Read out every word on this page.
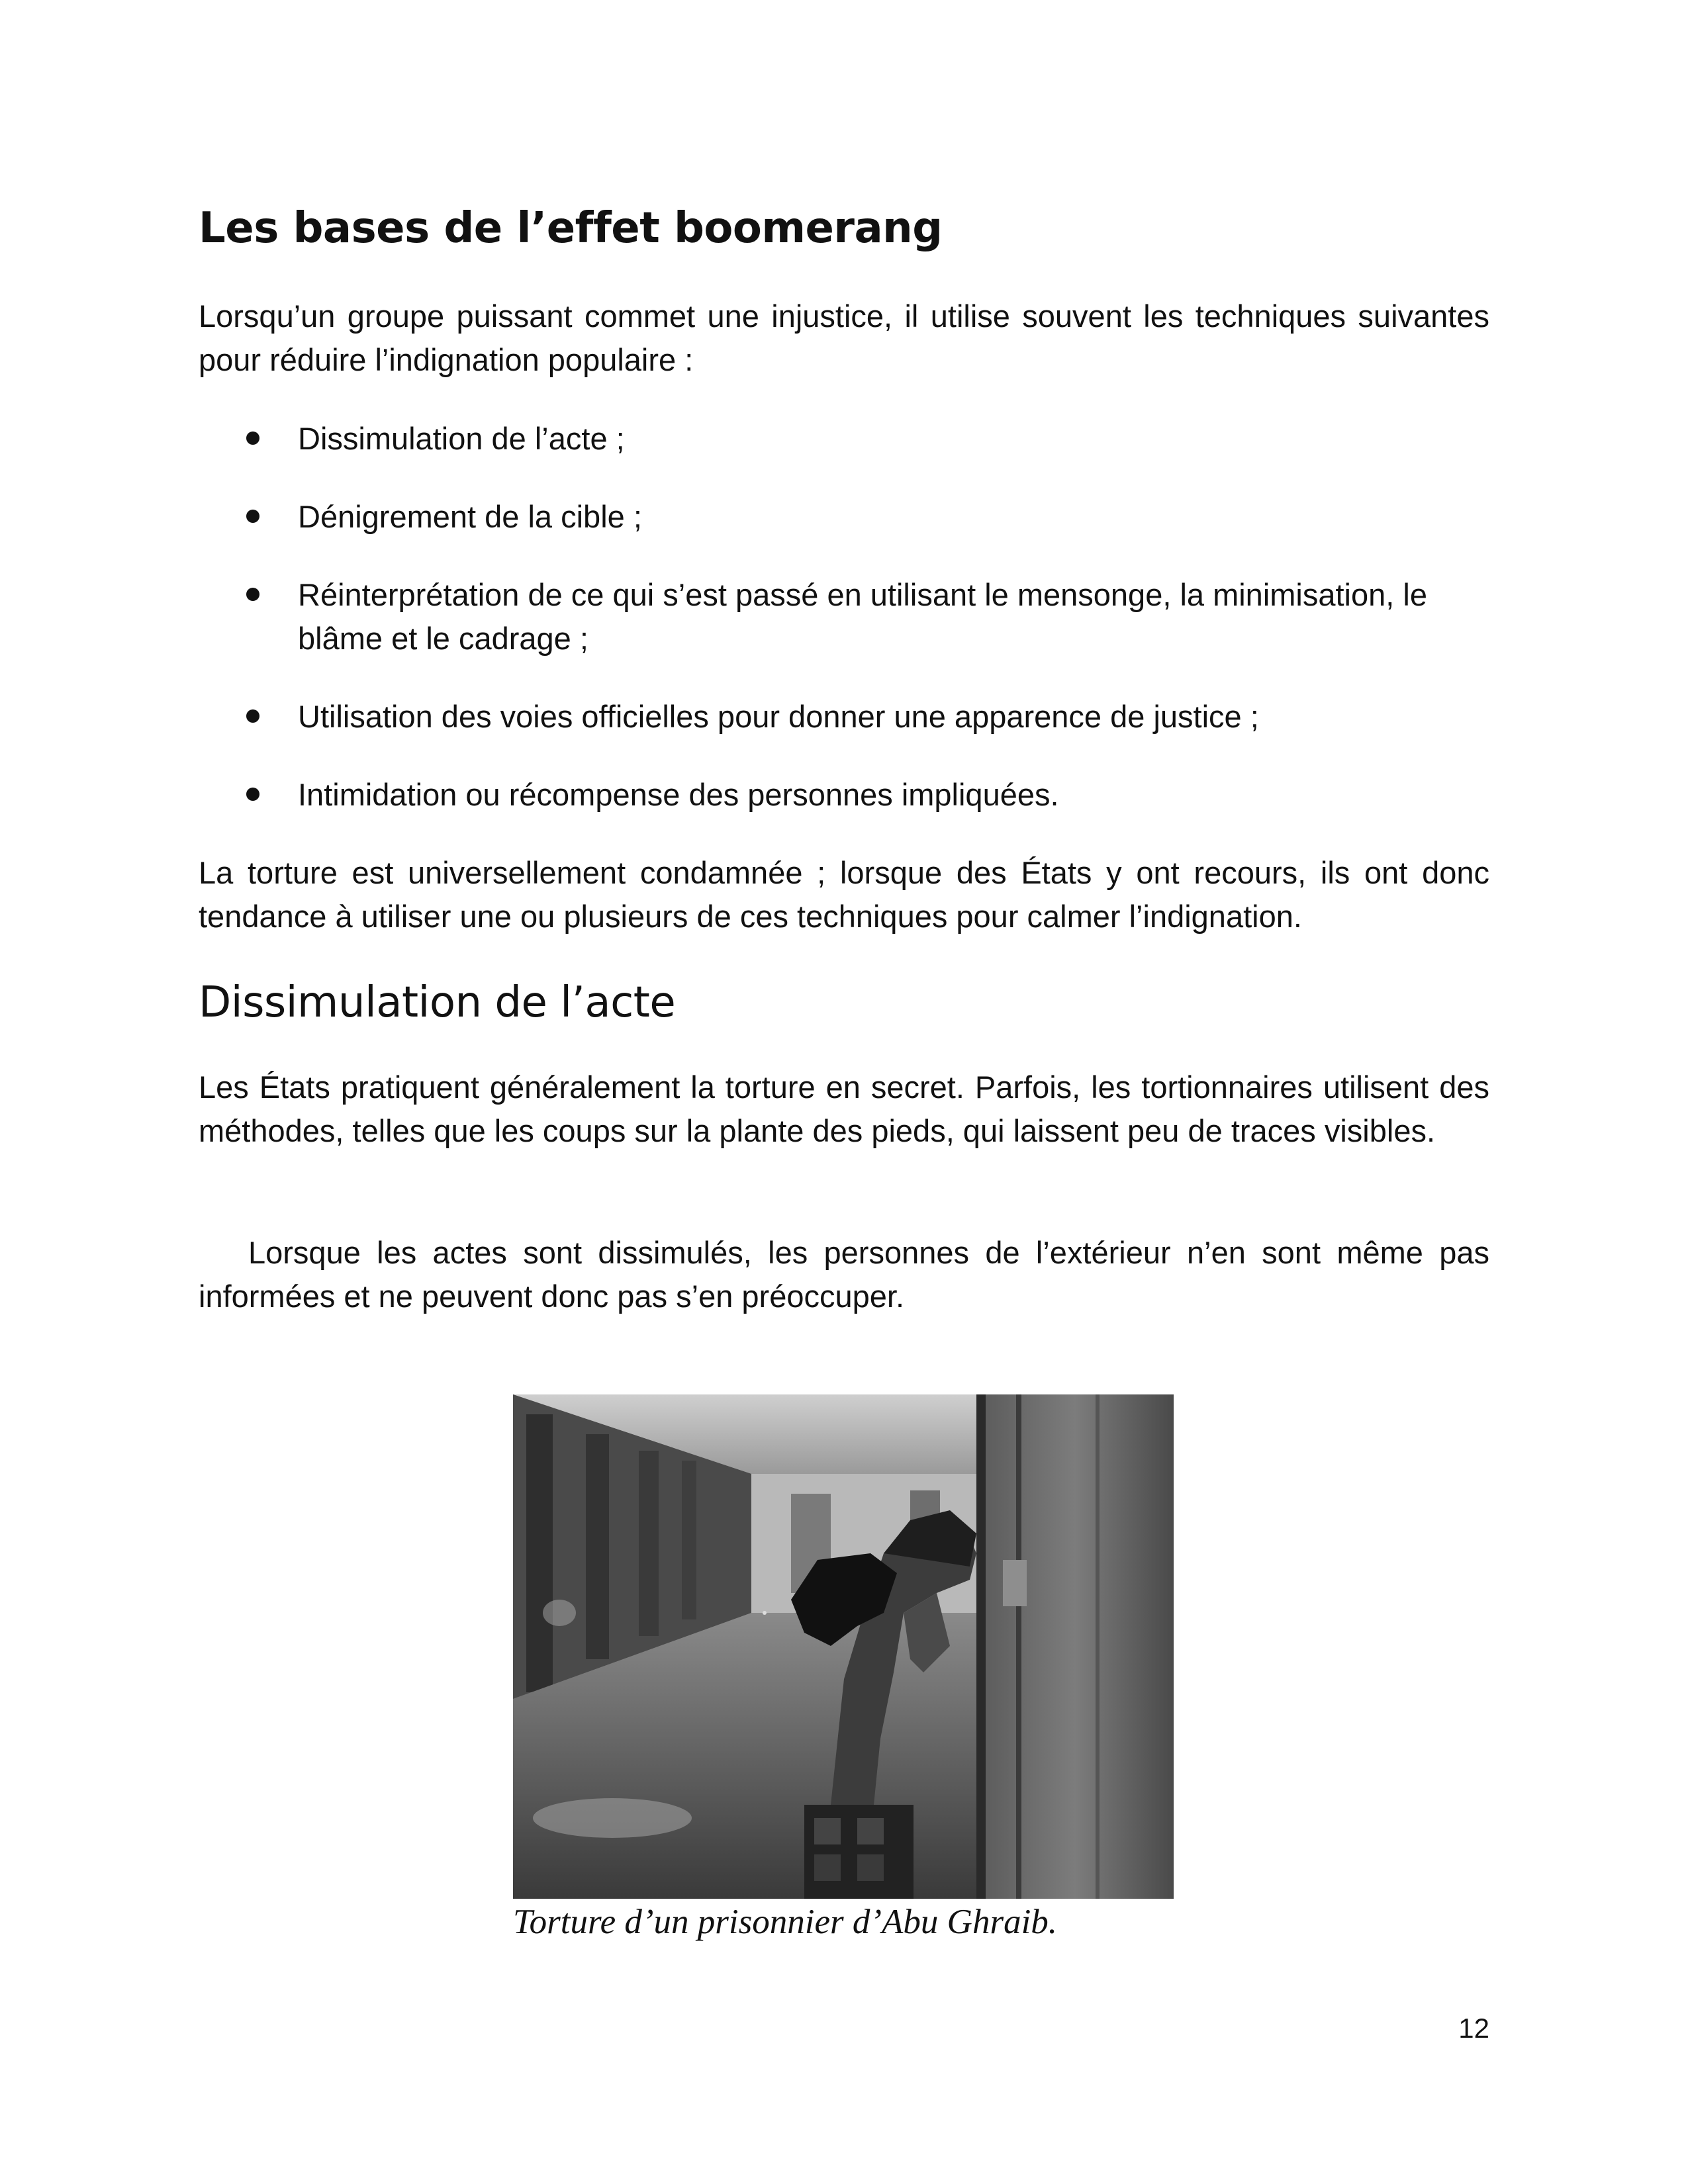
Les bases de l’effet boomerang

Lorsqu’un groupe puissant commet une injustice, il utilise souvent les techniques suivantes pour réduire l’indignation populaire :

Dissimulation de l’acte ;

Dénigrement de la cible ;

Réinterprétation de ce qui s’est passé en utilisant le mensonge, la minimisation, le blâme et le cadrage ;

Utilisation des voies officielles pour donner une apparence de justice ;

Intimidation ou récompense des personnes impliquées.

La torture est universellement condamnée ; lorsque des États y ont recours, ils ont donc tendance à utiliser une ou plusieurs de ces techniques pour calmer l’indignation.

Dissimulation de l’acte

Les États pratiquent généralement la torture en secret. Parfois, les tortionnaires utilisent des méthodes, telles que les coups sur la plante des pieds, qui laissent peu de traces visibles.

Lorsque les actes sont dissimulés, les personnes de l’extérieur n’en sont même pas informées et ne peuvent donc pas s’en préoccuper.

Torture d’un prisonnier d’Abu Ghraib.

12
